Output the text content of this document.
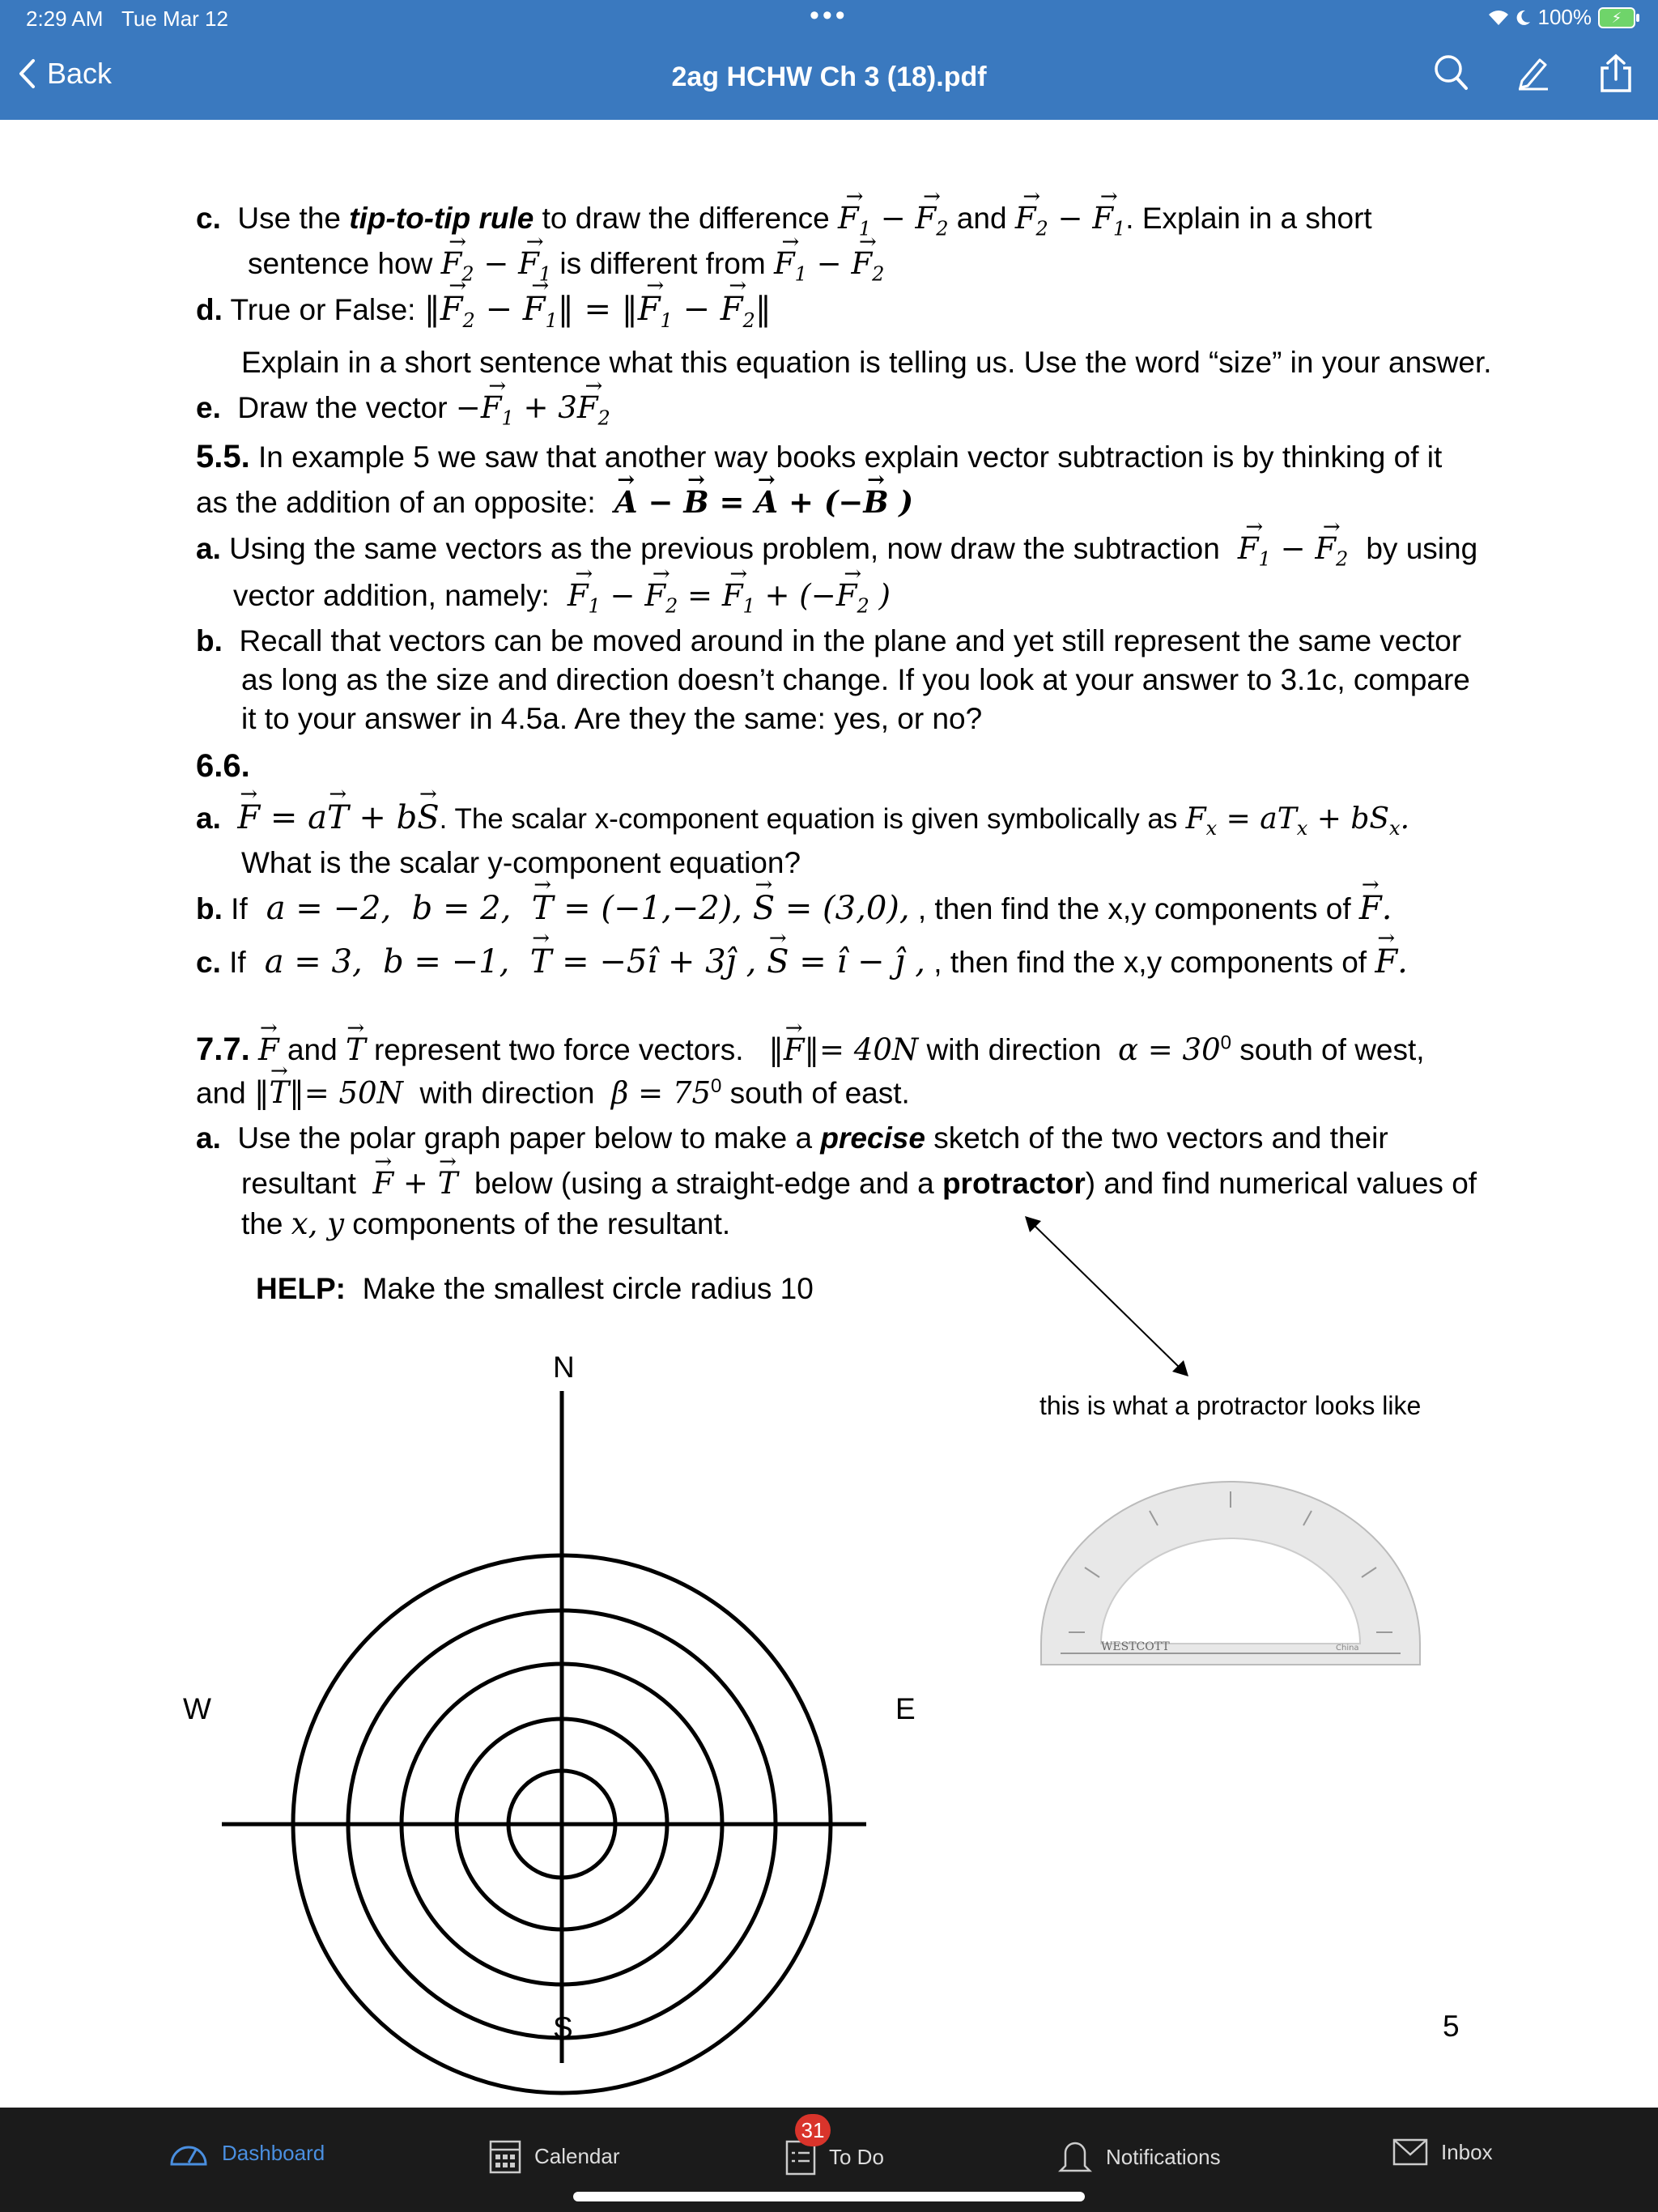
2:29 AM Tue Mar 12	•••	100%	⚡
Back	2ag HCHW Ch 3 (18).pdf
c. Use the tip-to-tip rule to draw the difference → $F_1$ − → $F_2$ and → $F_2$ − → $F_1$. Explain in a short
sentence how → $F_2$ − → $F_1$ is different from → $F_1$ − → $F_2$
d. True or False: ‖→ $F_2$ − → $F_1‖$ = ‖→ $F_1$ − → $F_2‖$
Explain in a short sentence what this equation is telling us. Use the word “size” in your answer.
e. Draw the vector −→ $F_1 + 3\to F_2$
5.5. In example 5 we saw that another way books explain vector subtraction is by thinking of it
as the addition of an opposite: → A − → B = → A + (−→ B )
a. Using the same vectors as the previous problem, now draw the subtraction → $F_1$ − → $F_2$ by using
vector addition, namely: → $F_1$ − → $F_2$ = → $F_1$ + (−→ $F_2$ )
b. Recall that vectors can be moved around in the plane and yet still represent the same vector
as long as the size and direction doesn’t change. If you look at your answer to 3.1c, compare
it to your answer in 4.5a. Are they the same: yes, or no?
6.6.
a. → F = a→ T + b→ S. The scalar x-component equation is given symbolically as $F_x = aT_x + bS_x$.
What is the scalar y-component equation?
b. If  a = −2,  b = 2,  → T = (−1,−2), → S = (3,0), , then find the x,y components of → F.
c. If  a = 3,  b = −1,  → T = −5î + 3ĵ , → S = î − ĵ , , then find the x,y components of → F.
7.7. → F and → T represent two force vectors. ‖→ F‖= 40N with direction $\alpha = 30^0$ south of west,
and ‖→ T‖= 50N with direction $\beta = 75^0$ south of east.
a. Use the polar graph paper below to make a precise sketch of the two vectors and their
resultant → F + → T below (using a straight-edge and a protractor) and find numerical values of
the x, y components of the resultant.
HELP: Make the smallest circle radius 10
this is what a protractor looks like
N
S
E
W
WESTCOTT	China
5
Dashboard	Calendar	To Do
31
Notifications	Inbox
